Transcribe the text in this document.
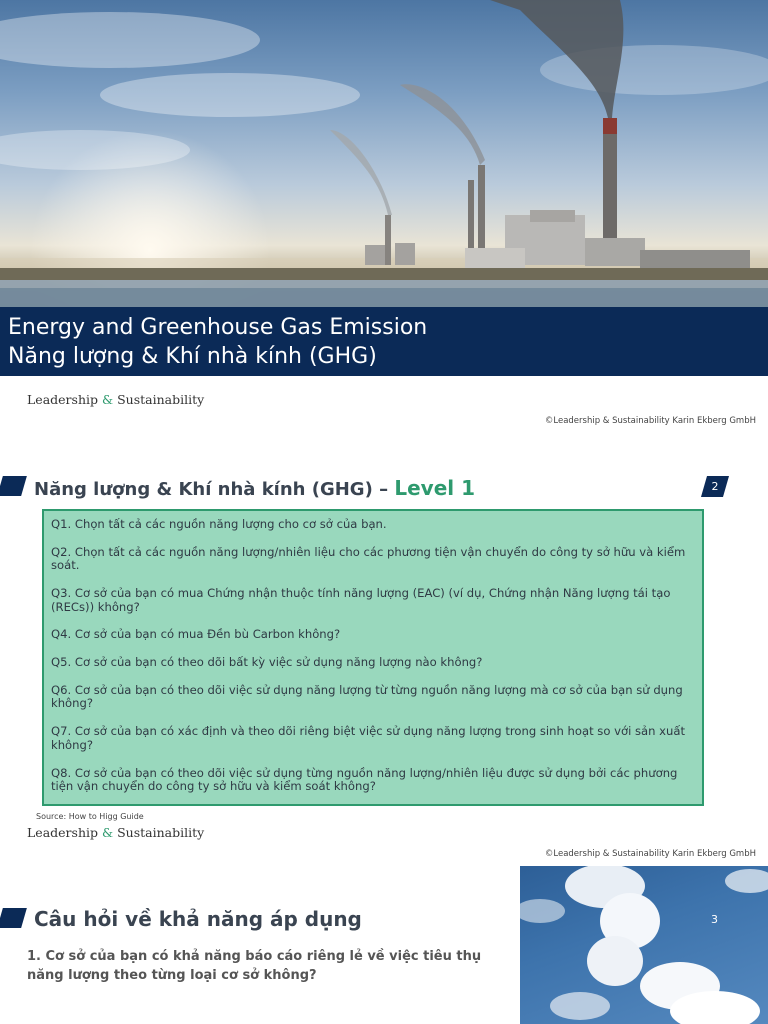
Energy and Greenhouse Gas Emission
Năng lượng & Khí nhà kính (GHG)
Leadership & Sustainability
©Leadership & Sustainability Karin Ekberg GmbH
Năng lượng & Khí nhà kính (GHG) – Level 1	2
Q1. Chọn tất cả các nguồn năng lượng cho cơ sở của bạn.
Q2. Chọn tất cả các nguồn năng lượng/nhiên liệu cho các phương tiện vận chuyển do công ty sở hữu và kiểm soát.
Q3. Cơ sở của bạn có mua Chứng nhận thuộc tính năng lượng (EAC) (ví dụ, Chứng nhận Năng lượng tái tạo (RECs)) không?
Q4. Cơ sở của bạn có mua Đền bù Carbon không?
Q5. Cơ sở của bạn có theo dõi bất kỳ việc sử dụng năng lượng nào không?
Q6. Cơ sở của bạn có theo dõi việc sử dụng năng lượng từ từng nguồn năng lượng mà cơ sở của bạn sử dụng không?
Q7. Cơ sở của bạn có xác định và theo dõi riêng biệt việc sử dụng năng lượng trong sinh hoạt so với sản xuất không?
Q8. Cơ sở của bạn có theo dõi việc sử dụng từng nguồn năng lượng/nhiên liệu được sử dụng bởi các phương tiện vận chuyển do công ty sở hữu và kiểm soát không?
Source: How to Higg Guide
Leadership & Sustainability
©Leadership & Sustainability Karin Ekberg GmbH
Câu hỏi về khả năng áp dụng	3
1. Cơ sở của bạn có khả năng báo cáo riêng lẻ về việc tiêu thụ năng lượng theo từng loại cơ sở không?
